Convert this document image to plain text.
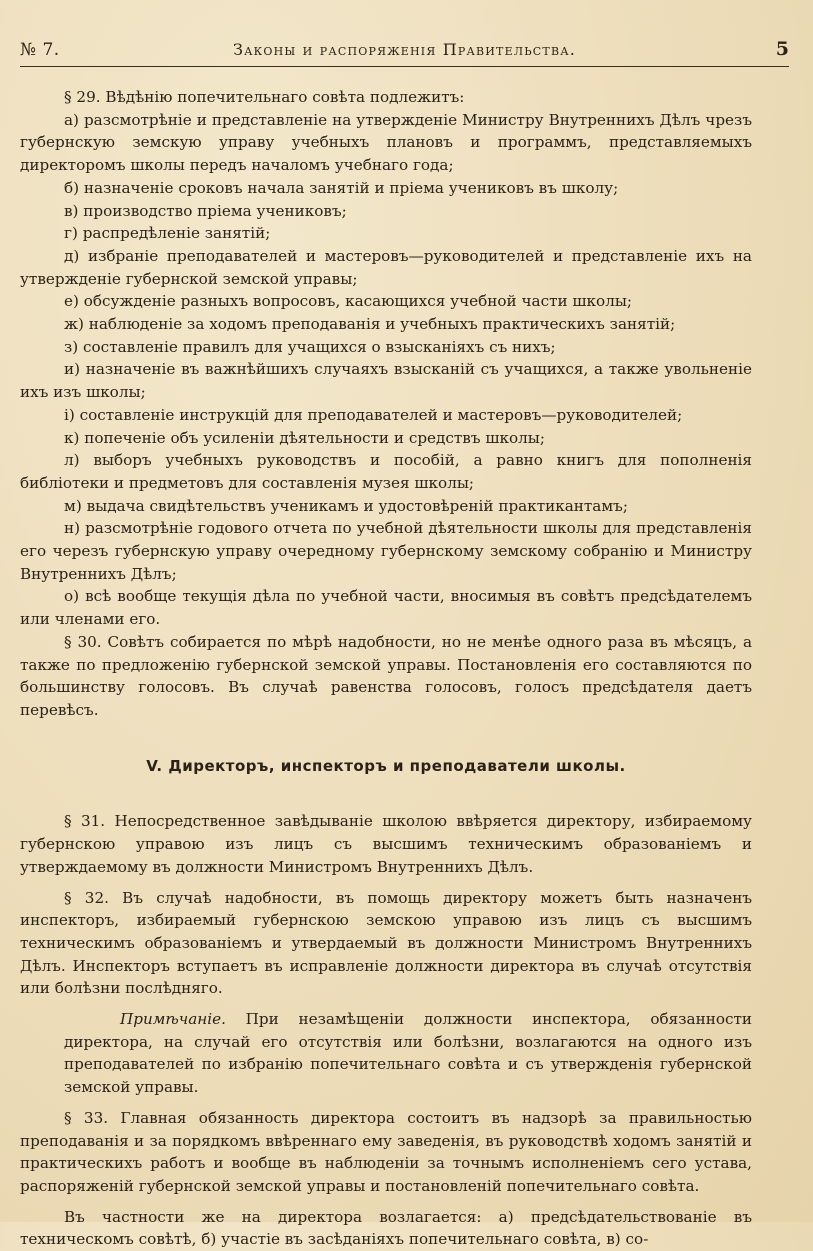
№ 7.	Законы и распоряженія Правительства.	5

§ 29. Вѣдѣнію попечительнаго совѣта подлежитъ:

а) разсмотрѣніе и представленіе на утвержденіе Министру Внутреннихъ Дѣлъ чрезъ губернскую земскую управу учебныхъ плановъ и программъ, представляемыхъ директоромъ школы передъ началомъ учебнаго года;

б) назначеніе сроковъ начала занятій и пріема учениковъ въ школу;

в) производство пріема учениковъ;

г) распредѣленіе занятій;

д) избраніе преподавателей и мастеровъ—руководителей и представленіе ихъ на утвержденіе губернской земской управы;

е) обсужденіе разныхъ вопросовъ, касающихся учебной части школы;

ж) наблюденіе за ходомъ преподаванія и учебныхъ практическихъ занятій;

з) составленіе правилъ для учащихся о взысканіяхъ съ нихъ;

и) назначеніе въ важнѣйшихъ случаяхъ взысканій съ учащихся, а также увольненіе ихъ изъ школы;

і) составленіе инструкцій для преподавателей и мастеровъ—руководителей;

к) попеченіе объ усиленіи дѣятельности и средствъ школы;

л) выборъ учебныхъ руководствъ и пособій, а равно книгъ для пополненія библіотеки и предметовъ для составленія музея школы;

м) выдача свидѣтельствъ ученикамъ и удостовѣреній практикантамъ;

н) разсмотрѣніе годового отчета по учебной дѣятельности школы для представленія его черезъ губернскую управу очередному губернскому земскому собранію и Министру Внутреннихъ Дѣлъ;

о) всѣ вообще текущія дѣла по учебной части, вносимыя въ совѣтъ предсѣдателемъ или членами его.

§ 30. Совѣтъ собирается по мѣрѣ надобности, но не менѣе одного раза въ мѣсяцъ, а также по предложенію губернской земской управы. Постановленія его составляются по большинству голосовъ. Въ случаѣ равенства голосовъ, голосъ предсѣдателя даетъ перевѣсъ.

V. Директоръ, инспекторъ и преподаватели школы.

§ 31. Непосредственное завѣдываніе школою ввѣряется директору, избираемому губернскою управою изъ лицъ съ высшимъ техническимъ образованіемъ и утверждаемому въ должности Министромъ Внутреннихъ Дѣлъ.

§ 32. Въ случаѣ надобности, въ помощь директору можетъ быть назначенъ инспекторъ, избираемый губернскою земскою управою изъ лицъ съ высшимъ техническимъ образованіемъ и утвердаемый въ должности Министромъ Внутреннихъ Дѣлъ. Инспекторъ вступаетъ въ исправленіе должности директора въ случаѣ отсутствія или болѣзни послѣдняго.

Примѣчаніе. При незамѣщеніи должности инспектора, обязанности директора, на случай его отсутствія или болѣзни, возлагаются на одного изъ преподавателей по избранію попечительнаго совѣта и съ утвержденія губернской земской управы.

§ 33. Главная обязанность директора состоитъ въ надзорѣ за правильностью преподаванія и за порядкомъ ввѣреннаго ему заведенія, въ руководствѣ ходомъ занятій и практическихъ работъ и вообще въ наблюденіи за точнымъ исполненіемъ сего устава, распоряженій губернской земской управы и постановленій попечительнаго совѣта.

Въ частности же на директора возлагается: а) предсѣдательствованіе въ техническомъ совѣтѣ, б) участіе въ засѣданіяхъ попечительнаго совѣта, в) со-
